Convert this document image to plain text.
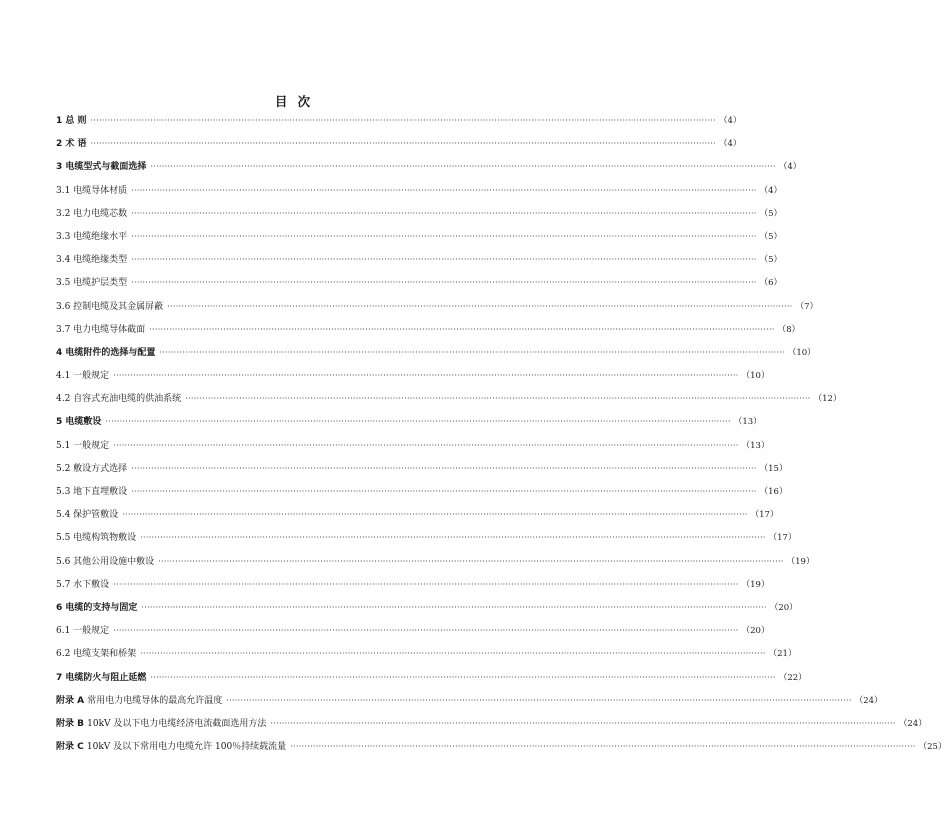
目 次
1 总 则 ···························································································································································································································· （4）
2 术 语 ···························································································································································································································· （4）
3 电缆型式与截面选择 ···························································································································································································································· （4）
3.1 电缆导体材质 ···························································································································································································································· （4）
3.2 电力电缆芯数 ···························································································································································································································· （5）
3.3 电缆绝缘水平 ···························································································································································································································· （5）
3.4 电缆绝缘类型 ···························································································································································································································· （5）
3.5 电缆护层类型 ···························································································································································································································· （6）
3.6 控制电缆及其金属屏蔽 ···························································································································································································································· （7）
3.7 电力电缆导体截面 ···························································································································································································································· （8）
4 电缆附件的选择与配置 ···························································································································································································································· （10）
4.1 一般规定 ···························································································································································································································· （10）
4.2 自容式充油电缆的供油系统 ···························································································································································································································· （12）
5 电缆敷设 ···························································································································································································································· （13）
5.1 一般规定 ···························································································································································································································· （13）
5.2 敷设方式选择 ···························································································································································································································· （15）
5.3 地下直埋敷设 ···························································································································································································································· （16）
5.4 保护管敷设 ···························································································································································································································· （17）
5.5 电缆构筑物敷设 ···························································································································································································································· （17）
5.6 其他公用设施中敷设 ···························································································································································································································· （19）
5.7 水下敷设 ···························································································································································································································· （19）
6 电缆的支持与固定 ···························································································································································································································· （20）
6.1 一般规定 ···························································································································································································································· （20）
6.2 电缆支架和桥架 ···························································································································································································································· （21）
7 电缆防火与阻止延燃 ···························································································································································································································· （22）
附录 A 常用电力电缆导体的最高允许温度 ···························································································································································································································· （24）
附录 B 10kV 及以下电力电缆经济电流截面选用方法 ···························································································································································································································· （24）
附录 C 10kV 及以下常用电力电缆允许 100％持续载流量 ···························································································································································································································· （25）
